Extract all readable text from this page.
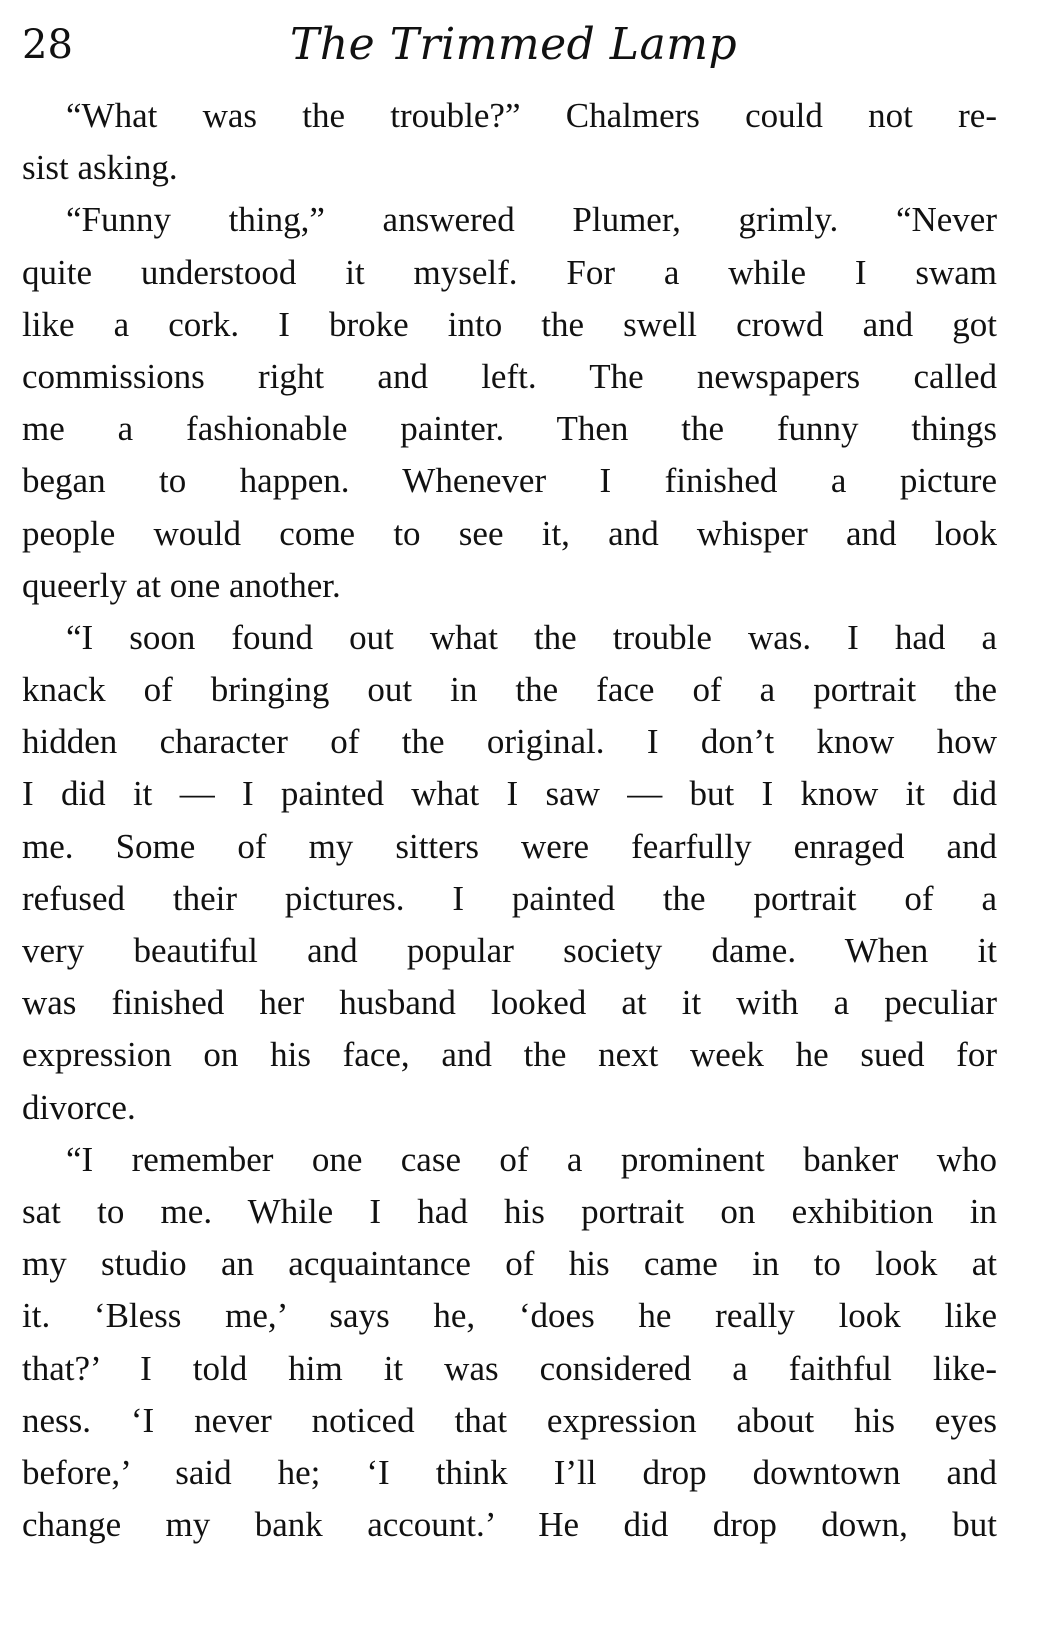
28	The Trimmed Lamp
“What was the trouble?” Chalmers could not re-
sist asking.
“Funny thing,” answered Plumer, grimly. “Never
quite understood it myself. For a while I swam
like a cork. I broke into the swell crowd and got
commissions right and left. The newspapers called
me a fashionable painter. Then the funny things
began to happen. Whenever I finished a picture
people would come to see it, and whisper and look
queerly at one another.
“I soon found out what the trouble was. I had a
knack of bringing out in the face of a portrait the
hidden character of the original. I don’t know how
I did it — I painted what I saw — but I know it did
me. Some of my sitters were fearfully enraged and
refused their pictures. I painted the portrait of a
very beautiful and popular society dame. When it
was finished her husband looked at it with a peculiar
expression on his face, and the next week he sued for
divorce.
“I remember one case of a prominent banker who
sat to me. While I had his portrait on exhibition in
my studio an acquaintance of his came in to look at
it. ‘Bless me,’ says he, ‘does he really look like
that?’ I told him it was considered a faithful like-
ness. ‘I never noticed that expression about his eyes
before,’ said he; ‘I think I’ll drop downtown and
change my bank account.’ He did drop down, but
